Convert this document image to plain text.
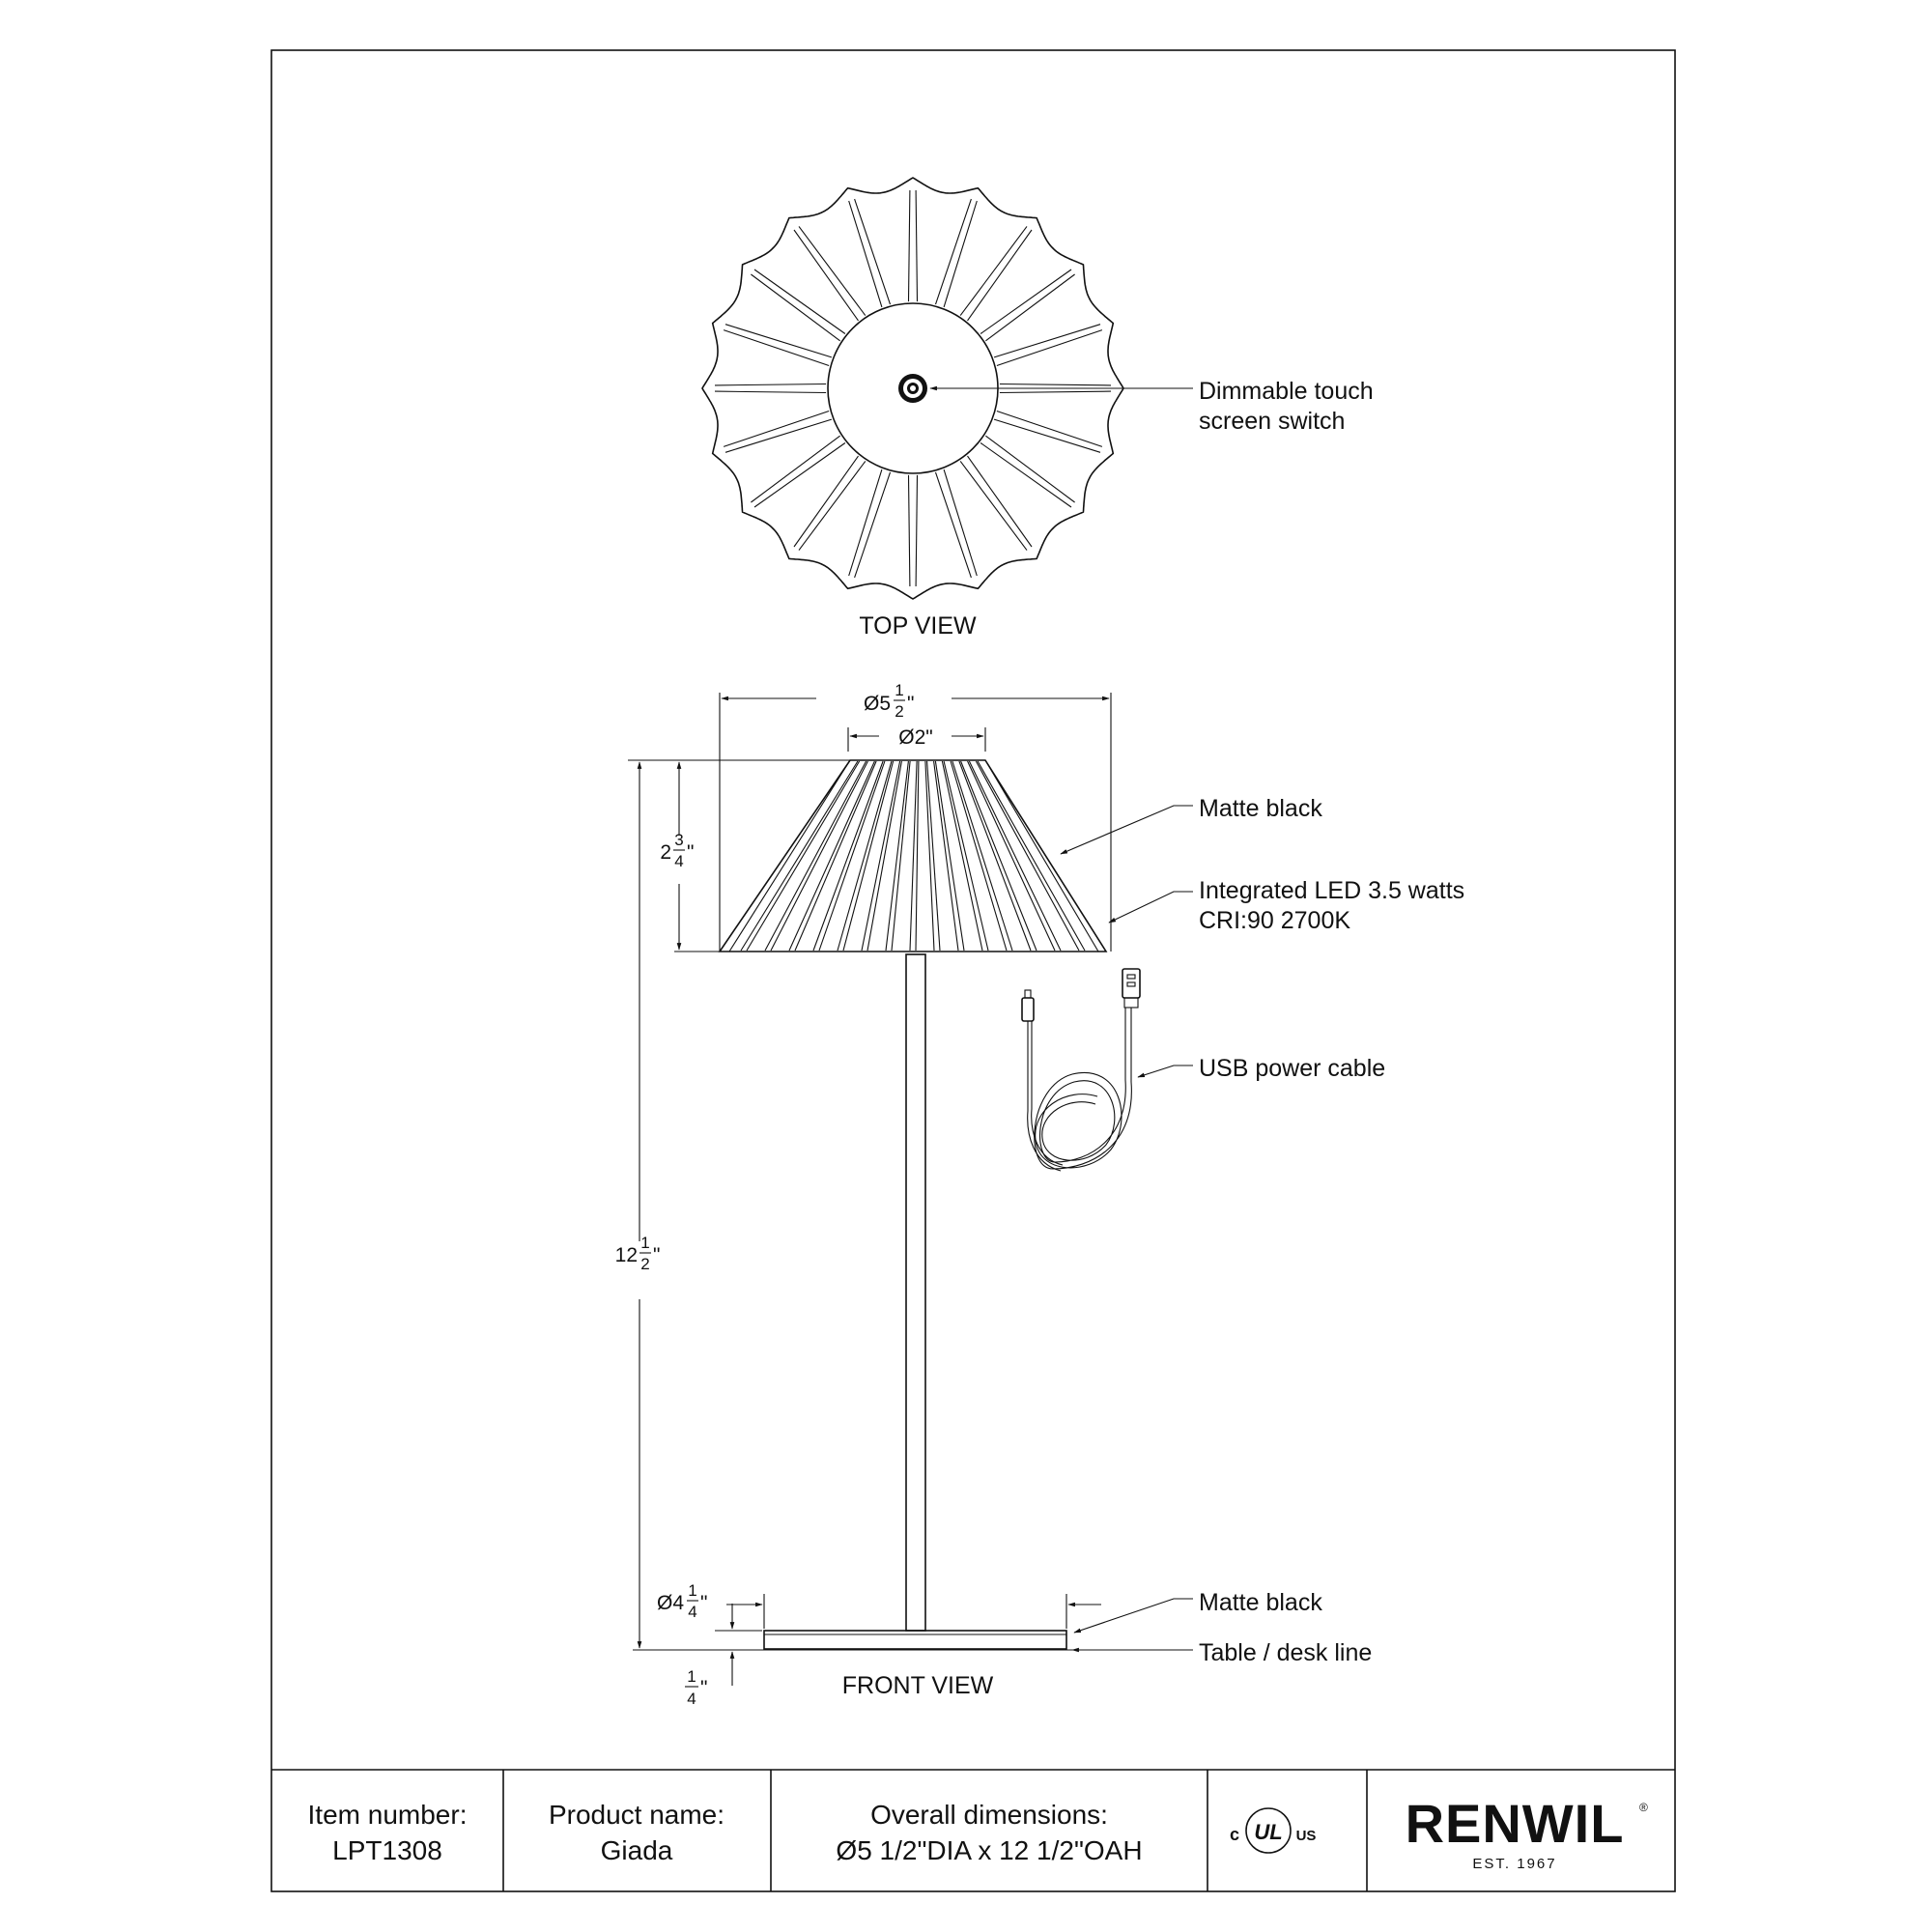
Dimmable touch
screen switch
TOP VIEW
Ø5
1
2 "
Ø2"
2
3
4 "
12
1
2 "
Ø4
1
4 "
1
4 "
Matte black
Integrated LED 3.5 watts
CRI:90 2700K
USB power cable
Matte black
Table / desk line
FRONT VIEW
Item number:
LPT1308
Product name:
Giada
Overall dimensions:
Ø5 1/2"DIA x 12 1/2"OAH
UL
c	US RENWIL ®
EST. 1967
